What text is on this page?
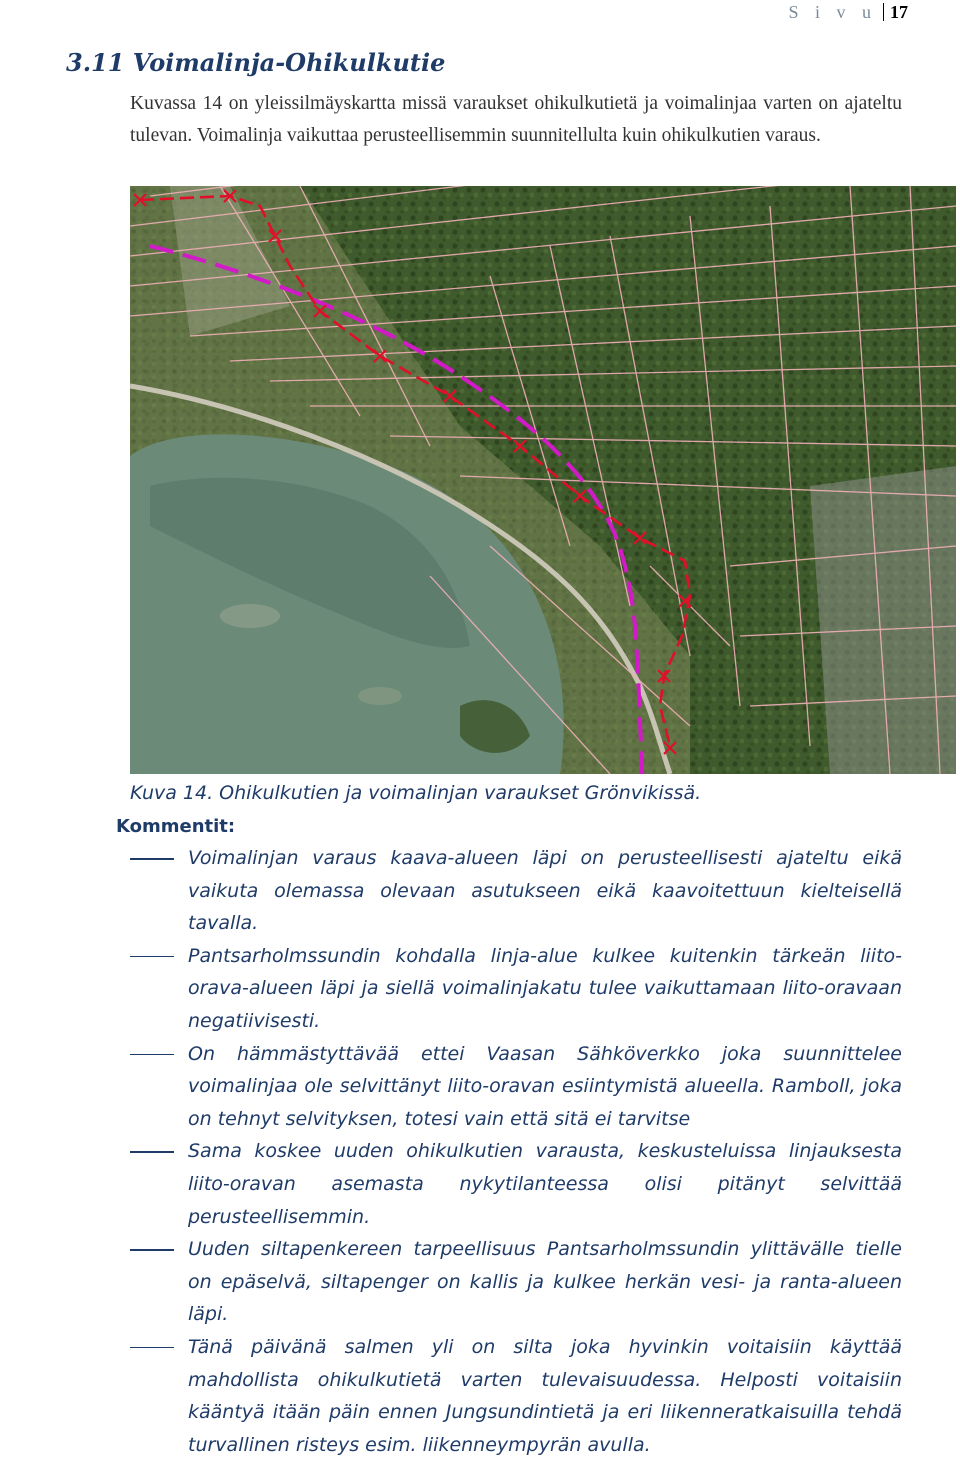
S i v u 17
3.11 Voimalinja-Ohikulkutie

Kuvassa 14 on yleissilmäyskartta missä varaukset ohikulkutietä ja voimalinjaa varten on ajateltu tulevan. Voimalinja vaikuttaa perusteellisemmin suunnitellulta kuin ohikulkutien varaus.

Kuva 14. Ohikulkutien ja voimalinjan varaukset Grönvikissä.

Kommentit:

Voimalinjan varaus kaava-alueen läpi on perusteellisesti ajateltu eikä vaikuta olemassa olevaan asutukseen eikä kaavoitettuun kielteisellä tavalla.
Pantsarholmssundin kohdalla linja-alue kulkee kuitenkin tärkeän liito-orava-alueen läpi ja siellä voimalinjakatu tulee vaikuttamaan liito-oravaan negatiivisesti.
On hämmästyttävää ettei Vaasan Sähköverkko joka suunnittelee voimalinjaa ole selvittänyt liito-oravan esiintymistä alueella. Ramboll, joka on tehnyt selvityksen, totesi vain että sitä ei tarvitse
Sama koskee uuden ohikulkutien varausta, keskusteluissa linjauksesta liito-oravan asemasta nykytilanteessa olisi pitänyt selvittää perusteellisemmin.
Uuden siltapenkereen tarpeellisuus Pantsarholmssundin ylittävälle tielle on epäselvä, siltapenger on kallis ja kulkee herkän vesi- ja ranta-alueen läpi.
Tänä päivänä salmen yli on silta joka hyvinkin voitaisiin käyttää mahdollista ohikulkutietä varten tulevaisuudessa. Helposti voitaisiin kääntyä itään päin ennen Jungsundintietä ja eri liikenneratkaisuilla tehdä turvallinen risteys esim. liikenneympyrän avulla.
